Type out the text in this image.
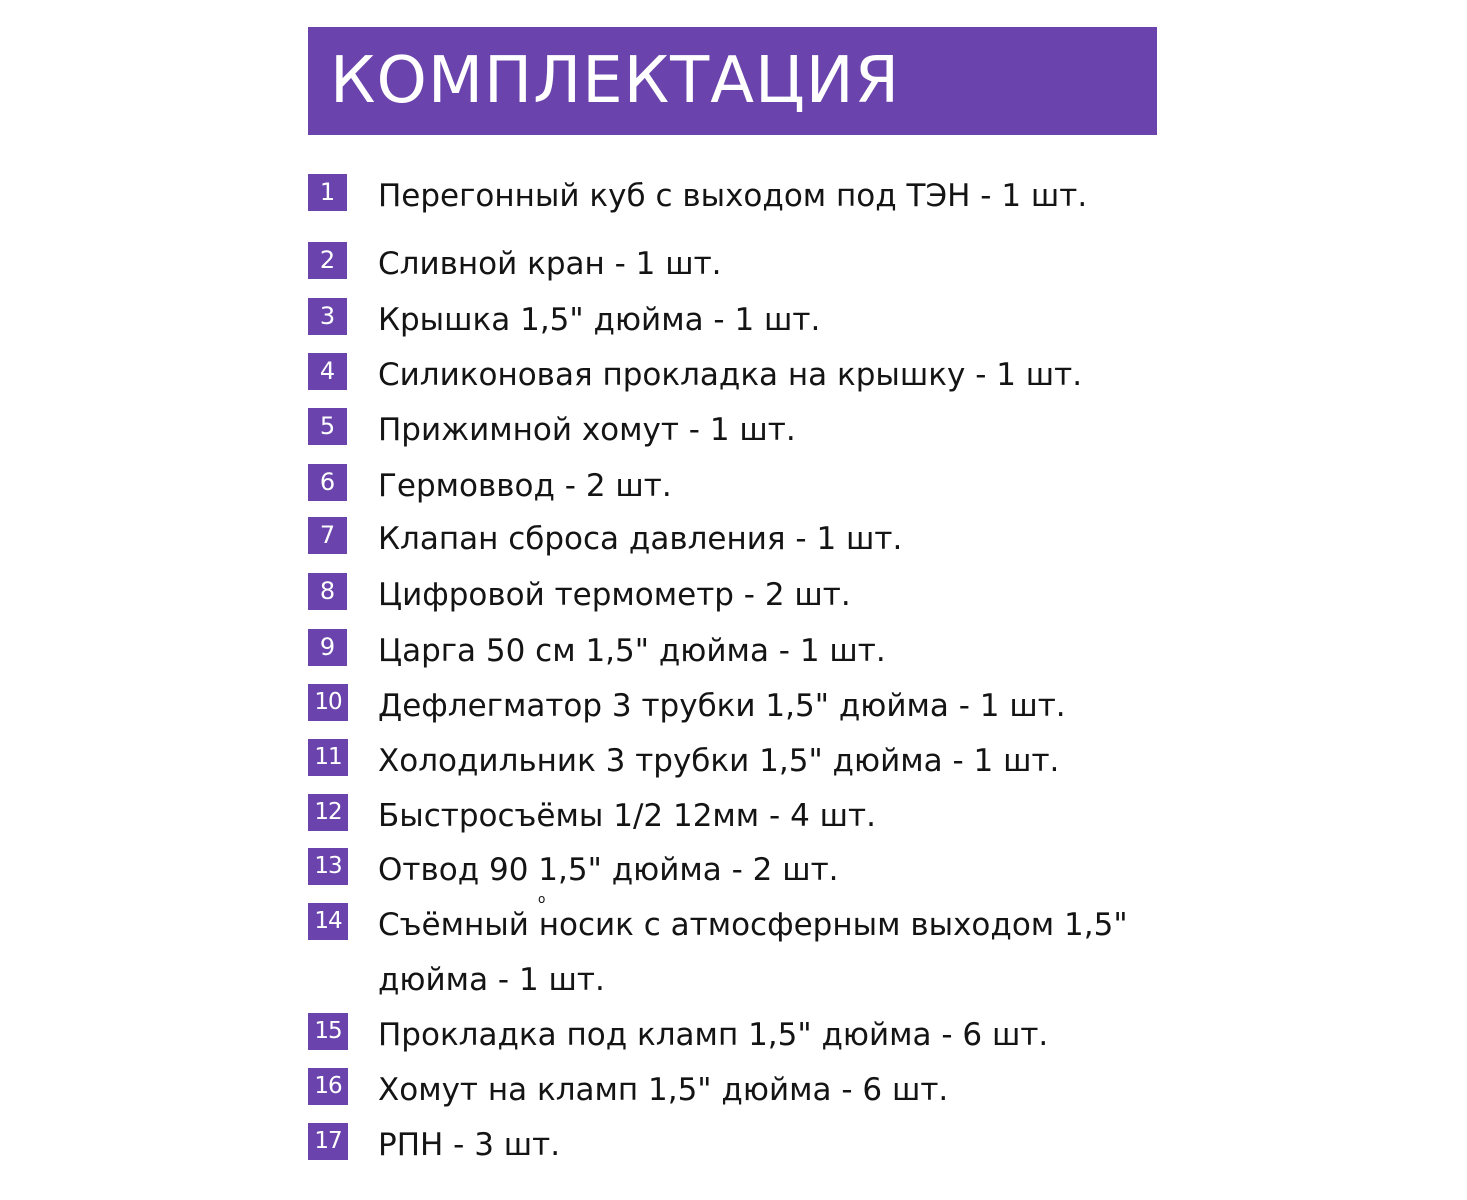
КОМПЛЕКТАЦИЯ
1	Перегонный куб с выходом под ТЭН - 1 шт.
2	Сливной кран - 1 шт.
3	Крышка 1,5" дюйма - 1 шт.
4	Силиконовая прокладка на крышку - 1 шт.
5	Прижимной хомут - 1 шт.
6	Гермоввод - 2 шт.
7	Клапан сброса давления - 1 шт.
8	Цифровой термометр - 2 шт.
9	Царга 50 см 1,5" дюйма - 1 шт.
10 Дефлегматор 3 трубки 1,5" дюйма - 1 шт.
11 Холодильник 3 трубки 1,5" дюйма - 1 шт.
12 Быстросъёмы 1/2 12мм - 4 шт.
13 Отвод 90 1,5" дюйма - 2 шт.
14 Съёмный носик с атмосферным выходом 1,5" дюйма - 1 шт.
15 Прокладка под кламп 1,5" дюйма - 6 шт.
16 Хомут на кламп 1,5" дюйма - 6 шт.
17 РПН - 3 шт.
о
